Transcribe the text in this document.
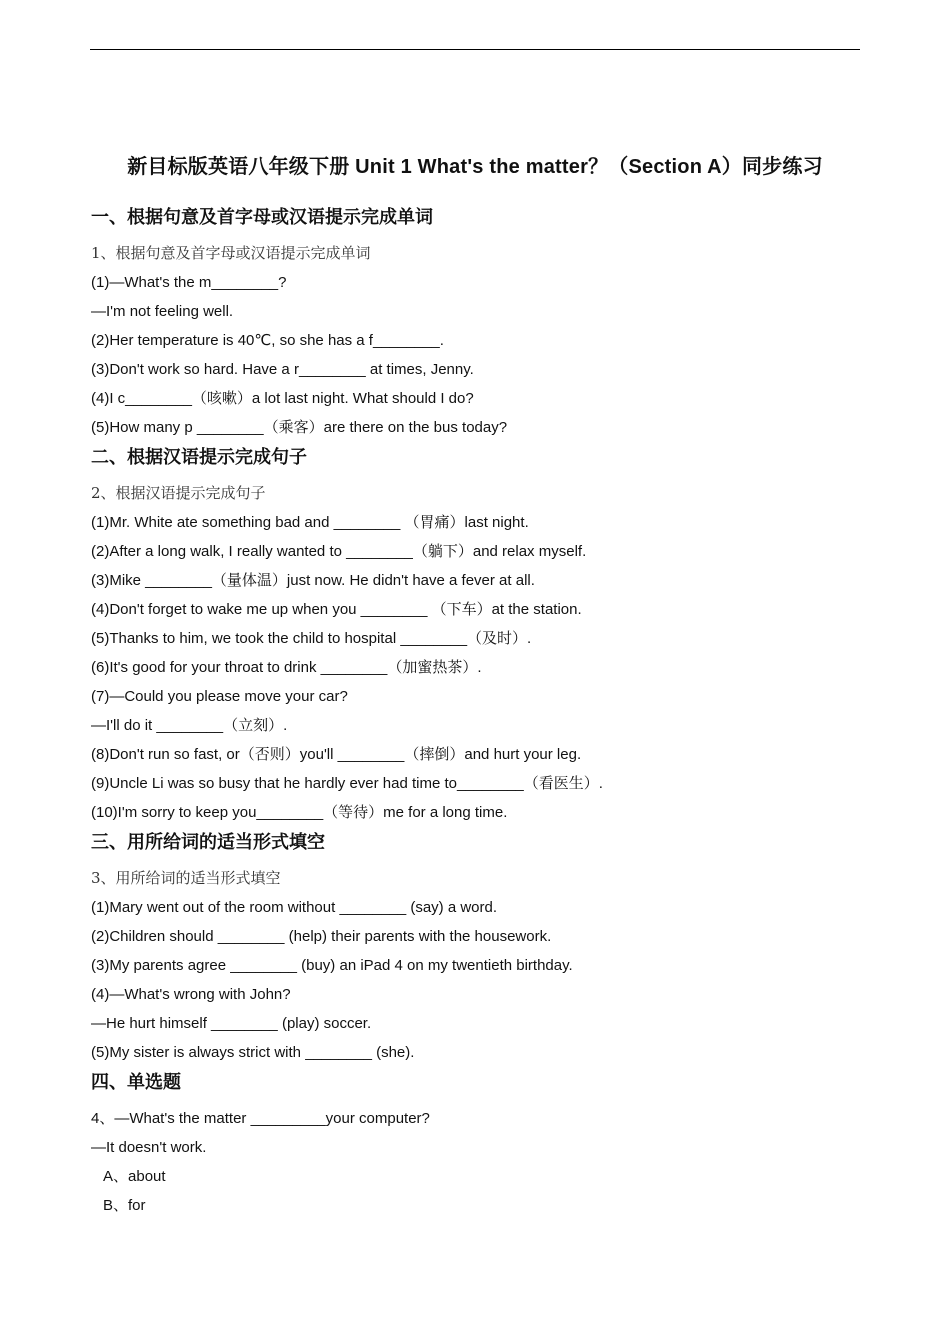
新目标版英语八年级下册 Unit 1 What's the matter？（Section A）同步练习
一、根据句意及首字母或汉语提示完成单词
1、根据句意及首字母或汉语提示完成单词
(1)—What's the m________?
—I'm not feeling well.
(2)Her temperature is 40℃, so she has a f________.
(3)Don't work so hard. Have a r________ at times, Jenny.
(4)I c________（咳嗽）a lot last night. What should I do?
(5)How many p ________（乘客）are there on the bus today?
二、根据汉语提示完成句子
2、根据汉语提示完成句子
(1)Mr. White ate something bad and ________ （胃痛）last night.
(2)After a long walk, I really wanted to ________（躺下）and relax myself.
(3)Mike ________（量体温）just now. He didn't have a fever at all.
(4)Don't forget to wake me up when you ________ （下车）at the station.
(5)Thanks to him, we took the child to hospital ________（及时）.
(6)It's good for your throat to drink ________（加蜜热茶）.
(7)—Could you please move your car?
—I'll do it ________（立刻）.
(8)Don't run so fast, or（否则）you'll ________（摔倒）and hurt your leg.
(9)Uncle Li was so busy that he hardly ever had time to________（看医生）.
(10)I'm sorry to keep you________（等待）me for a long time.
三、用所给词的适当形式填空
3、用所给词的适当形式填空
(1)Mary went out of the room without ________ (say) a word.
(2)Children should ________ (help) their parents with the housework.
(3)My parents agree ________ (buy) an iPad 4 on my twentieth birthday.
(4)—What's wrong with John?
—He hurt himself ________ (play) soccer.
(5)My sister is always strict with ________ (she).
四、单选题
4、—What's the matter _________your computer?
—It doesn't work.
A、about
B、for
